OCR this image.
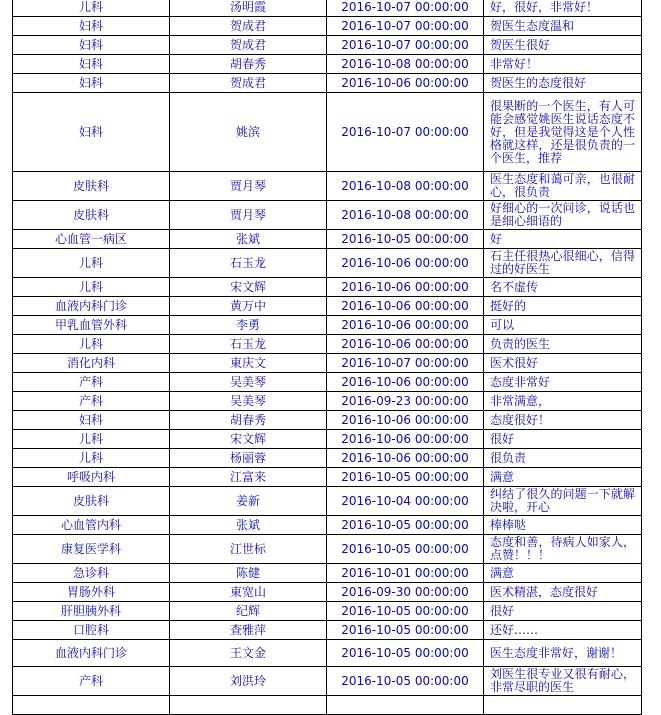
儿科	汤明霞	2016-10-07 00:00:00	好，很好，非常好！
妇科	贺成君	2016-10-07 00:00:00	贺医生态度温和
妇科	贺成君	2016-10-07 00:00:00	贺医生很好
妇科	胡春秀	2016-10-08 00:00:00	非常好！
妇科	贺成君	2016-10-06 00:00:00	贺医生的态度很好
妇科	姚滨	2016-10-07 00:00:00	很果断的一个医生，有人可能会感觉姚医生说话态度不好，但是我觉得这是个人性格就这样，还是很负责的一个医生，推荐
皮肤科	贾月琴	2016-10-08 00:00:00	医生态度和蔼可亲，也很耐心，很负责
皮肤科	贾月琴	2016-10-08 00:00:00	好细心的一次问诊，说话也是细心细语的
心血管一病区	张斌	2016-10-05 00:00:00	好
儿科	石玉龙	2016-10-06 00:00:00	石主任很热心很细心，信得过的好医生
儿科	宋文辉	2016-10-06 00:00:00	名不虚传
血液内科门诊	黄万中	2016-10-06 00:00:00	挺好的
甲乳血管外科	李勇	2016-10-06 00:00:00	可以
儿科	石玉龙	2016-10-06 00:00:00	负责的医生
消化内科	東庆文	2016-10-07 00:00:00	医术很好
产科	吴美琴	2016-10-06 00:00:00	态度非常好
产科	吴美琴	2016-09-23 00:00:00	非常满意，
妇科	胡春秀	2016-10-06 00:00:00	态度很好！
儿科	宋文辉	2016-10-06 00:00:00	很好
儿科	杨丽蓉	2016-10-06 00:00:00	很负责
呼吸内科	江富来	2016-10-05 00:00:00	满意
皮肤科	姜新	2016-10-04 00:00:00	纠结了很久的问题一下就解决啦，开心
心血管内科	张斌	2016-10-05 00:00:00	棒棒哒
康复医学科	江世标	2016-10-05 00:00:00	态度和善，待病人如家人，点赞！！！
急诊科	陈健	2016-10-01 00:00:00	满意
胃肠外科	東宽山	2016-09-30 00:00:00	医术精湛，态度很好
肝胆胰外科	纪辉	2016-10-05 00:00:00	很好
口腔科	查雅萍	2016-10-05 00:00:00	还好……
血液内科门诊	王文金	2016-10-05 00:00:00	医生态度非常好，谢谢！
产科	刘洪玲	2016-10-05 00:00:00	刘医生很专业又很有耐心，非常尽职的医生
